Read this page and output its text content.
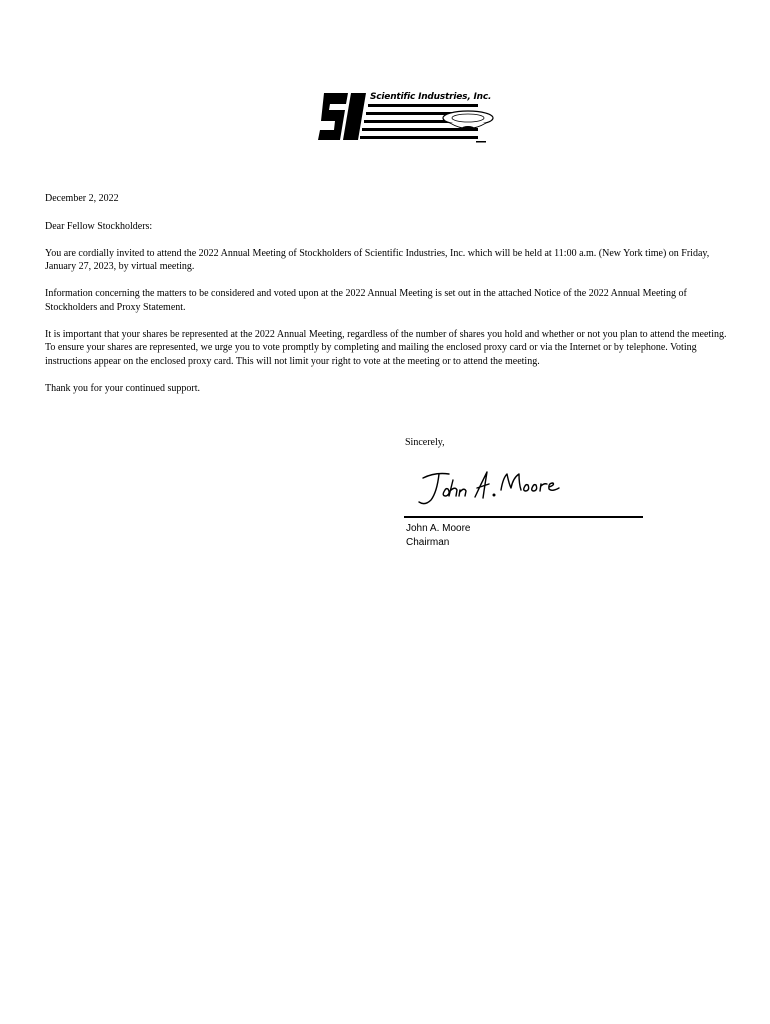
Scientific Industries, Inc.

December 2, 2022

Dear Fellow Stockholders:

You are cordially invited to attend the 2022 Annual Meeting of Stockholders of Scientific Industries, Inc. which will be held at 11:00 a.m. (New York time) on Friday, January 27, 2023, by virtual meeting.

Information concerning the matters to be considered and voted upon at the 2022 Annual Meeting is set out in the attached Notice of the 2022 Annual Meeting of Stockholders and Proxy Statement.

It is important that your shares be represented at the 2022 Annual Meeting, regardless of the number of shares you hold and whether or not you plan to attend the meeting. To ensure your shares are represented, we urge you to vote promptly by completing and mailing the enclosed proxy card or via the Internet or by telephone. Voting instructions appear on the enclosed proxy card. This will not limit your right to vote at the meeting or to attend the meeting.

Thank you for your continued support.

Sincerely,
John A. Moore
Chairman
